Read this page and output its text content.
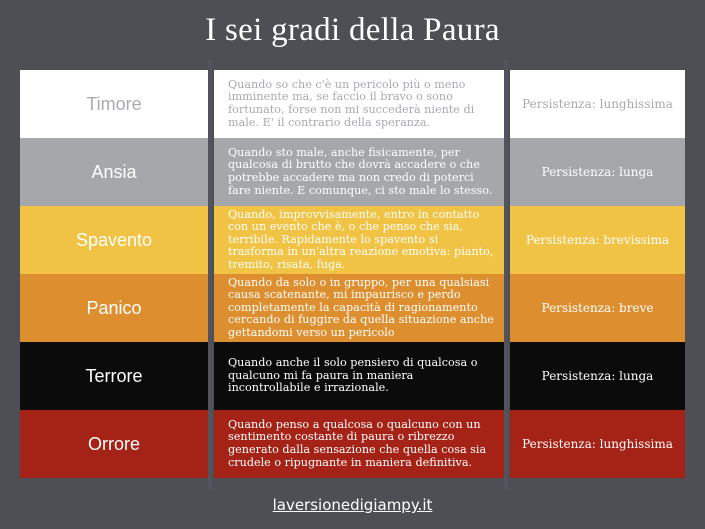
I sei gradi della Paura
Timore
Quando so che c'è un pericolo più o meno imminente ma, se faccio il bravo o sono fortunato, forse non mi succederà niente di male. E' il contrario della speranza.
Persistenza: lunghissima
Ansia
Quando sto male, anche fisicamente, per qualcosa di brutto che dovrà accadere o che potrebbe accadere ma non credo di poterci fare niente. E comunque, ci sto male lo stesso.
Persistenza: lunga
Spavento
Quando, improvvisamente, entro in contatto con un evento che è, o che penso che sia, terribile. Rapidamente lo spavento si trasforma in un'altra reazione emotiva: pianto, tremito, risata, fuga.
Persistenza: brevissima
Panico
Quando da solo o in gruppo, per una qualsiasi causa scatenante, mi impaurisco e perdo completamente la capacità di ragionamento cercando di fuggire da quella situazione anche gettandomi verso un pericolo
Persistenza: breve
Terrore
Quando anche il solo pensiero di qualcosa o qualcuno mi fa paura in maniera incontrollabile e irrazionale.
Persistenza: lunga
Orrore
Quando penso a qualcosa o qualcuno con un sentimento costante di paura o ribrezzo generato dalla sensazione che quella cosa sia crudele o ripugnante in maniera definitiva.
Persistenza: lunghissima
laversionedigiampy.it
